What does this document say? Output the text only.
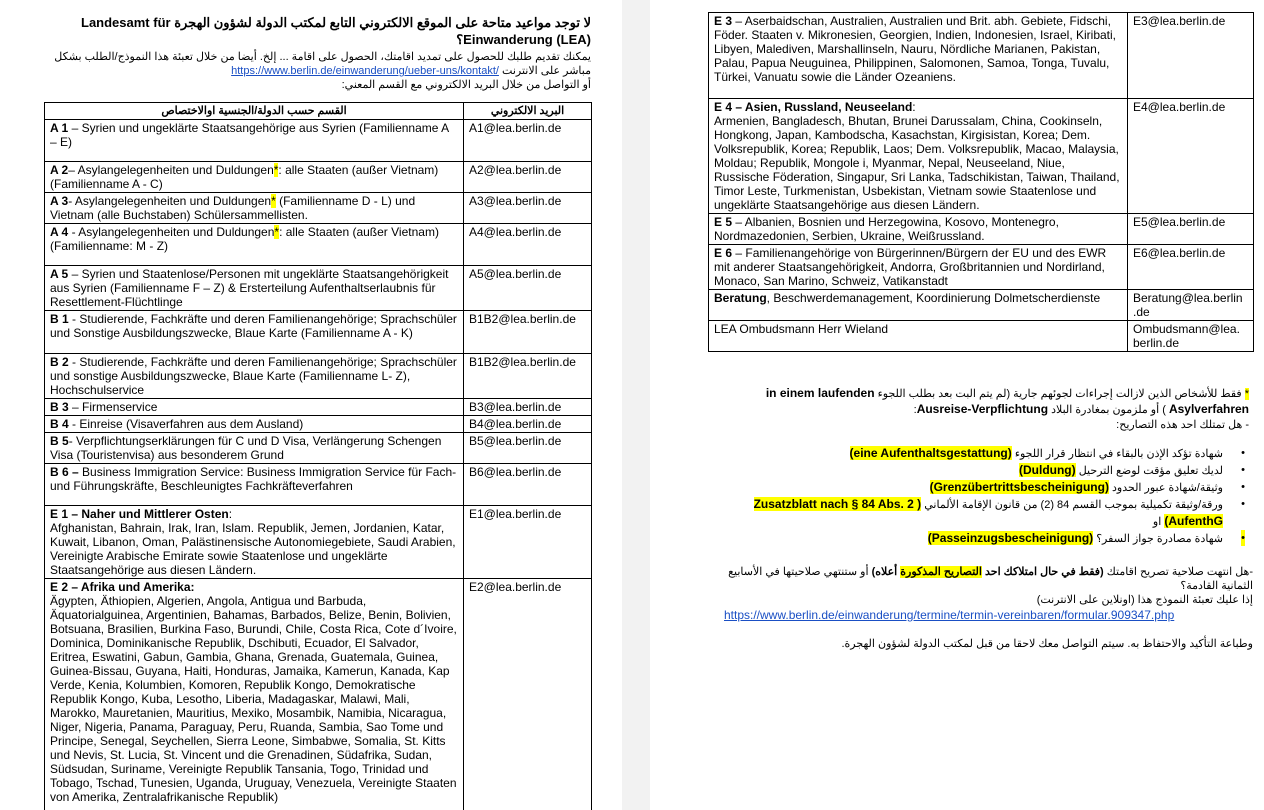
لا توجد مواعيد متاحة على الموقع الالكتروني التابع لمكتب الدولة لشؤون الهجرة Landesamt für Einwanderung (LEA)؟
يمكنك تقديم طلبك للحصول على تمديد اقامتك، الحصول على اقامة ... إلخ. أيضا من خلال تعبئة هذا النموذج/الطلب بشكل مباشر على الانترنت https://www.berlin.de/einwanderung/ueber-uns/kontakt/
أو التواصل من خلال البريد الالكتروني مع القسم المعني:
القسم حسب الدولة/الجنسية اوالاختصاص	البريد الالكتروني
A 1 – Syrien und ungeklärte Staatsangehörige aus Syrien (Familienname A – E)	A1@lea.berlin.de
A 2– Asylangelegenheiten und Duldungen*: alle Staaten (außer Vietnam) (Familienname A - C)	A2@lea.berlin.de
A 3- Asylangelegenheiten und Duldungen* (Familienname D - L) und Vietnam (alle Buchstaben) Schülersammellisten.	A3@lea.berlin.de
A 4 - Asylangelegenheiten und Duldungen*: alle Staaten (außer Vietnam) (Familienname: M - Z)	A4@lea.berlin.de
A 5 – Syrien und Staatenlose/Personen mit ungeklärte Staatsangehörigkeit aus Syrien (Familienname F – Z) & Ersterteilung Aufenthaltserlaubnis für Resettlement-Flüchtlinge	A5@lea.berlin.de
B 1 - Studierende, Fachkräfte und deren Familienangehörige; Sprachschüler und Sonstige Ausbildungszwecke, Blaue Karte (Familienname A - K)	B1B2@lea.berlin.de
B 2 - Studierende, Fachkräfte und deren Familienangehörige; Sprachschüler und sonstige Ausbildungszwecke, Blaue Karte (Familienname L- Z), Hochschulservice	B1B2@lea.berlin.de
B 3 – Firmenservice	B3@lea.berlin.de
B 4 - Einreise (Visaverfahren aus dem Ausland)	B4@lea.berlin.de
B 5- Verpflichtungserklärungen für C und D Visa, Verlängerung Schengen Visa (Touristenvisa) aus besonderem Grund	B5@lea.berlin.de
B 6 – Business Immigration Service: Business Immigration Service für Fach- und Führungskräfte, Beschleunigtes Fachkräfteverfahren	B6@lea.berlin.de
E 1 – Naher und Mittlerer Osten:
Afghanistan, Bahrain, Irak, Iran, Islam. Republik, Jemen, Jordanien, Katar, Kuwait, Libanon, Oman, Palästinensische Autonomiegebiete, Saudi Arabien, Vereinigte Arabische Emirate sowie Staatenlose und ungeklärte Staatsangehörige aus diesen Ländern.	E1@lea.berlin.de
E 2 – Afrika und Amerika:
Ägypten, Äthiopien, Algerien, Angola, Antigua und Barbuda, Äquatorialguinea, Argentinien, Bahamas, Barbados, Belize, Benin, Bolivien, Botsuana, Brasilien, Burkina Faso, Burundi, Chile, Costa Rica, Cote d´Ivoire, Dominica, Dominikanische Republik, Dschibuti, Ecuador, El Salvador, Eritrea, Eswatini, Gabun, Gambia, Ghana, Grenada, Guatemala, Guinea, Guinea-Bissau, Guyana, Haiti, Honduras, Jamaika, Kamerun, Kanada, Kap Verde, Kenia, Kolumbien, Komoren, Republik Kongo, Demokratische Republik Kongo, Kuba, Lesotho, Liberia, Madagaskar, Malawi, Mali, Marokko, Mauretanien, Mauritius, Mexiko, Mosambik, Namibia, Nicaragua, Niger, Nigeria, Panama, Paraguay, Peru, Ruanda, Sambia, Sao Tome und Principe, Senegal, Seychellen, Sierra Leone, Simbabwe, Somalia, St. Kitts und Nevis, St. Lucia, St. Vincent und die Grenadinen, Südafrika, Sudan, Südsudan, Suriname, Vereinigte Republik Tansania, Togo, Trinidad und Tobago, Tschad, Tunesien, Uganda, Uruguay, Venezuela, Vereinigte Staaten von Amerika, Zentralafrikanische Republik)	E2@lea.berlin.de
E 3 – Aserbaidschan, Australien, Australien und Brit. abh. Gebiete, Fidschi, Föder. Staaten v. Mikronesien, Georgien, Indien, Indonesien, Israel, Kiribati, Libyen, Malediven, Marshallinseln, Nauru, Nördliche Marianen, Pakistan, Palau, Papua Neuguinea, Philippinen, Salomonen, Samoa, Tonga, Tuvalu, Türkei, Vanuatu sowie die Länder Ozeaniens.	E3@lea.berlin.de
E 4 – Asien, Russland, Neuseeland:
Armenien, Bangladesch, Bhutan, Brunei Darussalam, China, Cookinseln, Hongkong, Japan, Kambodscha, Kasachstan, Kirgisistan, Korea; Dem. Volksrepublik, Korea; Republik, Laos; Dem. Volksrepublik, Macao, Malaysia, Moldau; Republik, Mongole i, Myanmar, Nepal, Neuseeland, Niue, Russische Föderation, Singapur, Sri Lanka, Tadschikistan, Taiwan, Thailand, Timor Leste, Turkmenistan, Usbekistan, Vietnam sowie Staatenlose und ungeklärte Staatsangehörige aus diesen Ländern.	E4@lea.berlin.de
E 5 – Albanien, Bosnien und Herzegowina, Kosovo, Montenegro, Nordmazedonien, Serbien, Ukraine, Weißrussland.	E5@lea.berlin.de
E 6 – Familienangehörige von Bürgerinnen/Bürgern der EU und des EWR mit anderer Staatsangehörigkeit, Andorra, Großbritannien und Nordirland, Monaco, San Marino, Schweiz, Vatikanstadt	E6@lea.berlin.de
Beratung, Beschwerdemanagement, Koordinierung Dolmetscherdienste	Beratung@lea.berlin .de
LEA Ombudsmann Herr Wieland	Ombudsmann@lea. berlin.de
* فقط للأشخاص الذين لازالت إجراءات لجوئهم جارية (لم يتم البت بعد بطلب اللجوء in einem laufenden Asylverfahren ) أو ملزمون بمغادرة البلاد Ausreise-Verpflichtung:
- هل تمتلك احد هذه التصاريح:
•
شهادة تؤكد الإذن بالبقاء في انتظار قرار اللجوء (eine Aufenthaltsgestattung)
•
لديك تعليق مؤقت لوضع الترحيل (Duldung)
•
وثيقة/شهادة عبور الحدود (Grenzübertrittsbescheinigung)
•
ورقة/وثيقة تكميلية بموجب القسم 84 (2) من قانون الإقامة الألماني ( Zusatzblatt nach § 84 Abs. 2 AufenthG) او
•
شهادة مصادرة جواز السفر؟ (Passeinzugsbescheinigung)
-هل انتهت صلاحية تصريح اقامتك (فقط في حال امتلاكك احد التصاريح المذكورة أعلاه) أو ستنتهي صلاحيتها في الأسابيع الثمانية القادمة؟
إذا عليك تعبئة النموذج هذا (اونلاين على الانترنت)
https://www.berlin.de/einwanderung/termine/termin-vereinbaren/formular.909347.php
وطباعة التأكيد والاحتفاظ به. سيتم التواصل معك لاحقا من قبل لمكتب الدولة لشؤون الهجرة.
